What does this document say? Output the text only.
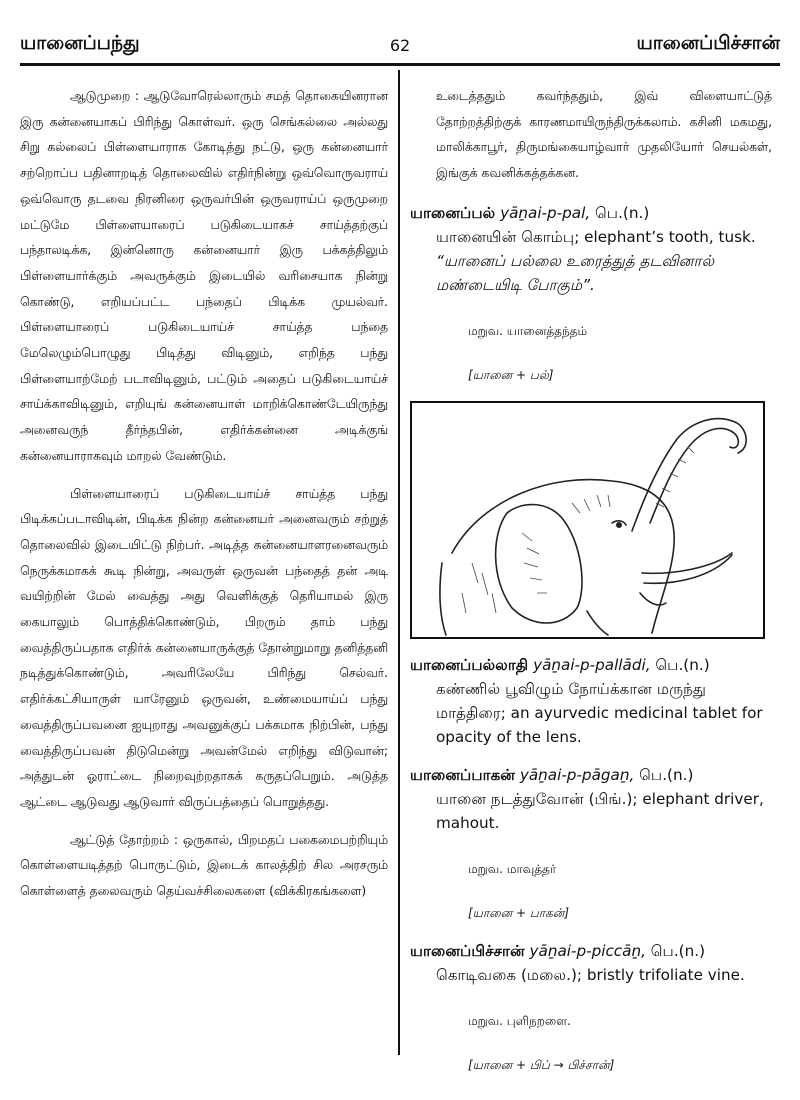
யானைப்பந்து	62	யானைப்பிச்சான்

ஆடுமுறை : ஆடுவோரெல்லாரும் சமத் தொகையினரான இரு கன்னையாகப் பிரிந்து கொள்வர். ஒரு செங்கல்லை அல்லது சிறு கல்லைப் பிள்ளையாராக கோடித்து நட்டு, ஒரு கன்னையார் சற்றொப்ப பதினாறடித் தொலைவில் எதிர்நின்று ஒவ்வொருவராய் ஒவ்வொரு தடவை நிரனிரை ஒருவர்பின் ஒருவராய்ப் ஒருமுறை மட்டுமே பிள்ளையாரைப் படுகிடையாகச் சாய்த்தற்குப் பந்தாலடிக்க, இன்னொரு கன்னையார் இரு பக்கத்திலும் பிள்ளையார்க்கும் அவருக்கும் இடையில் வரிசையாக நின்று கொண்டு, எறியப்பட்ட பந்தைப் பிடிக்க முயல்வர். பிள்ளையாரைப் படுகிடையாய்ச் சாய்த்த பந்தை மேலெழும்பொழுது பிடித்து விடினும், எறிந்த பந்து பிள்ளையாற்மேற் படாவிடினும், பட்டும் அதைப் படுகிடையாய்ச் சாய்க்காவிடினும், எறியுங் கன்னையாள் மாறிக்கொண்டேயிருந்து அனைவருந் தீர்ந்தபின், எதிர்க்கன்னை அடிக்குங் கன்னையாராகவும் மாறல் வேண்டும்.

பிள்ளையாரைப் படுகிடையாய்ச் சாய்த்த பந்து பிடிக்கப்படாவிடின், பிடிக்க நின்ற கன்னையர் அனைவரும் சற்றுத் தொலைவில் இடையிட்டு நிற்பர். அடித்த கன்னையாளரனைவரும் நெருக்கமாகக் கூடி நின்று, அவருள் ஒருவன் பந்தைத் தன் அடி வயிற்றின் மேல் வைத்து அது வெளிக்குத் தெரியாமல் இரு கையாலும் பொத்திக்கொண்டும், பிறரும் தாம் பந்து வைத்திருப்பதாக எதிர்க் கன்னையாருக்குத் தோன்றுமாறு தனித்தனி நடித்துக்கொண்டும், அவரிலேயே பிரிந்து செல்வர். எதிர்க்கட்சியாருள் யாரேனும் ஒருவன், உண்மையாய்ப் பந்து வைத்திருப்பவனை ஐயுறாது அவனுக்குப் பக்கமாக நிற்பின், பந்து வைத்திருப்பவன் திடுமென்று அவன்மேல் எறிந்து விடுவான்; அத்துடன் ஓராட்டை நிறைவுற்றதாகக் கருதப்பெறும். அடுத்த ஆட்டை ஆடுவது ஆடுவார் விருப்பத்தைப் பொறுத்தது.

ஆட்டுத் தோற்றம் : ஒருகால், பிறமதப் பகைமைபற்றியும் கொள்ளையடித்தற் பொருட்டும், இடைக் காலத்திற் சில அரசரும் கொள்ளைத் தலைவரும் தெய்வச்சிலைகளை (விக்கிரகங்களை)

உடைத்ததும் கவர்ந்ததும், இவ் விளையாட்டுத் தோற்றத்திற்குக் காரணமாயிருந்திருக்கலாம். கசினி மகமது, மாலிக்காபூர், திருமங்கையாழ்வார் முதலியோர் செயல்கள், இங்குக் கவனிக்கத்தக்கன.

யானைப்பல் yāṉai-p-pal, பெ.(n.)
யானையின் கொம்பு; elephant’s tooth, tusk. “யானைப் பல்லை உரைத்துத் தடவினால் மண்டையிடி போகும்”.
மறுவ. யானைத்தந்தம்
[யானை + பல்]
யானைப்பல்லாதி yāṉai-p-pallādi, பெ.(n.)
கண்ணில் பூவிழும் நோய்க்கான மருந்து மாத்திரை; an ayurvedic medicinal tablet for opacity of the lens.
யானைப்பாகன் yāṉai-p-pāgaṉ, பெ.(n.)
யானை நடத்துவோன் (பிங்.); elephant driver, mahout.
மறுவ. மாவுத்தர்
[யானை + பாகன்]
யானைப்பிச்சான் yāṉai-p-piccāṉ, பெ.(n.)
கொடிவகை (மலை.); bristly trifoliate vine.
மறுவ. புளிநறளை.
[யானை + பிப் → பிச்சான்]
